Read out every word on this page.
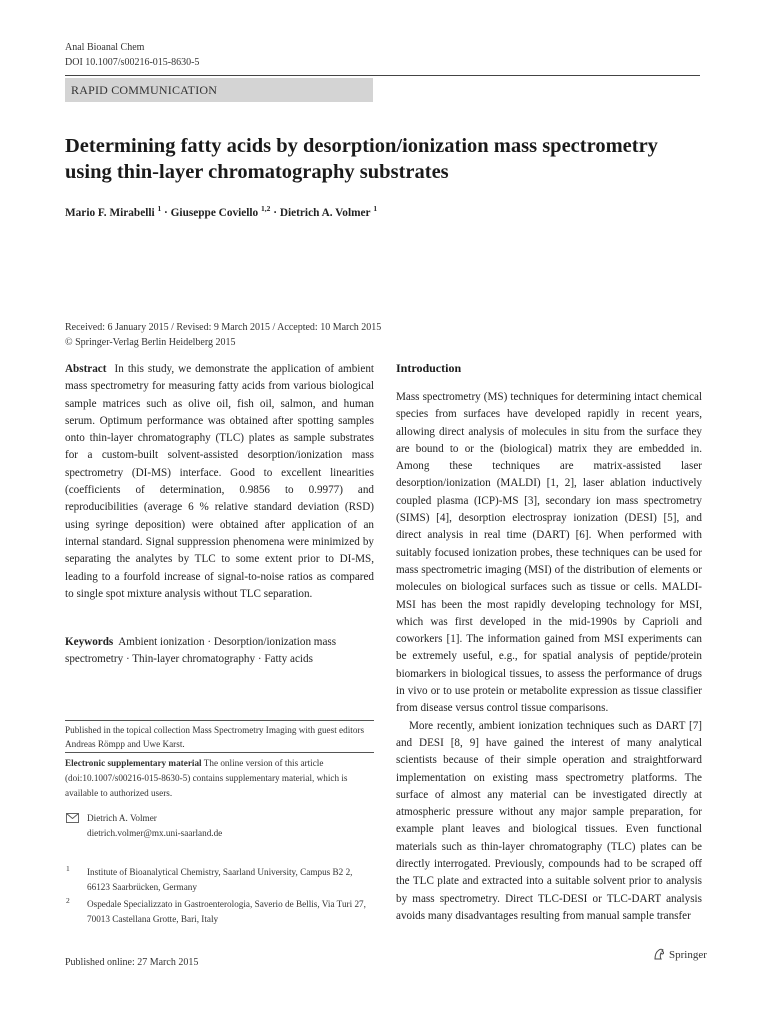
Anal Bioanal Chem
DOI 10.1007/s00216-015-8630-5
RAPID COMMUNICATION
Determining fatty acids by desorption/ionization mass spectrometry using thin-layer chromatography substrates
Mario F. Mirabelli $^1$ · Giuseppe Coviello $^{1,2}$ · Dietrich A. Volmer $^1$
Received: 6 January 2015 / Revised: 9 March 2015 / Accepted: 10 March 2015
© Springer-Verlag Berlin Heidelberg 2015
Abstract In this study, we demonstrate the application of ambient mass spectrometry for measuring fatty acids from various biological sample matrices such as olive oil, fish oil, salmon, and human serum. Optimum performance was obtained after spotting samples onto thin-layer chromatography (TLC) plates as sample substrates for a custom-built solvent-assisted desorption/ionization mass spectrometry (DI-MS) interface. Good to excellent linearities (coefficients of determination, 0.9856 to 0.9977) and reproducibilities (average 6 % relative standard deviation (RSD) using syringe deposition) were obtained after application of an internal standard. Signal suppression phenomena were minimized by separating the analytes by TLC to some extent prior to DI-MS, leading to a fourfold increase of signal-to-noise ratios as compared to single spot mixture analysis without TLC separation.
Keywords Ambient ionization · Desorption/ionization mass spectrometry · Thin-layer chromatography · Fatty acids
Published in the topical collection Mass Spectrometry Imaging with guest editors Andreas Römpp and Uwe Karst.
Electronic supplementary material The online version of this article (doi:10.1007/s00216-015-8630-5) contains supplementary material, which is available to authorized users.
Dietrich A. Volmer
dietrich.volmer@mx.uni-saarland.de
1 Institute of Bioanalytical Chemistry, Saarland University, Campus B2 2, 66123 Saarbrücken, Germany
2 Ospedale Specializzato in Gastroenterologia, Saverio de Bellis, Via Turi 27, 70013 Castellana Grotte, Bari, Italy
Published online: 27 March 2015
Introduction

Mass spectrometry (MS) techniques for determining intact chemical species from surfaces have developed rapidly in recent years, allowing direct analysis of molecules in situ from the surface they are bound to or the (biological) matrix they are embedded in. Among these techniques are matrix-assisted laser desorption/ionization (MALDI) [1, 2], laser ablation inductively coupled plasma (ICP)-MS [3], secondary ion mass spectrometry (SIMS) [4], desorption electrospray ionization (DESI) [5], and direct analysis in real time (DART) [6]. When performed with suitably focused ionization probes, these techniques can be used for mass spectrometric imaging (MSI) of the distribution of elements or molecules on biological surfaces such as tissue or cells. MALDI-MSI has been the most rapidly developing technology for MSI, which was first developed in the mid-1990s by Caprioli and coworkers [1]. The information gained from MSI experiments can be extremely useful, e.g., for spatial analysis of peptide/protein biomarkers in biological tissues, to assess the performance of drugs in vivo or to use protein or metabolite expression as tissue classifier from disease versus control tissue comparisons.

More recently, ambient ionization techniques such as DART [7] and DESI [8, 9] have gained the interest of many analytical scientists because of their simple operation and straightforward implementation on existing mass spectrometry platforms. The surface of almost any material can be investigated directly at atmospheric pressure without any major sample preparation, for example plant leaves and biological tissues. Even functional materials such as thin-layer chromatography (TLC) plates can be directly interrogated. Previously, compounds had to be scraped off the TLC plate and extracted into a suitable solvent prior to analysis by mass spectrometry. Direct TLC-DESI or TLC-DART analysis avoids many disadvantages resulting from manual sample transfer

Springer
